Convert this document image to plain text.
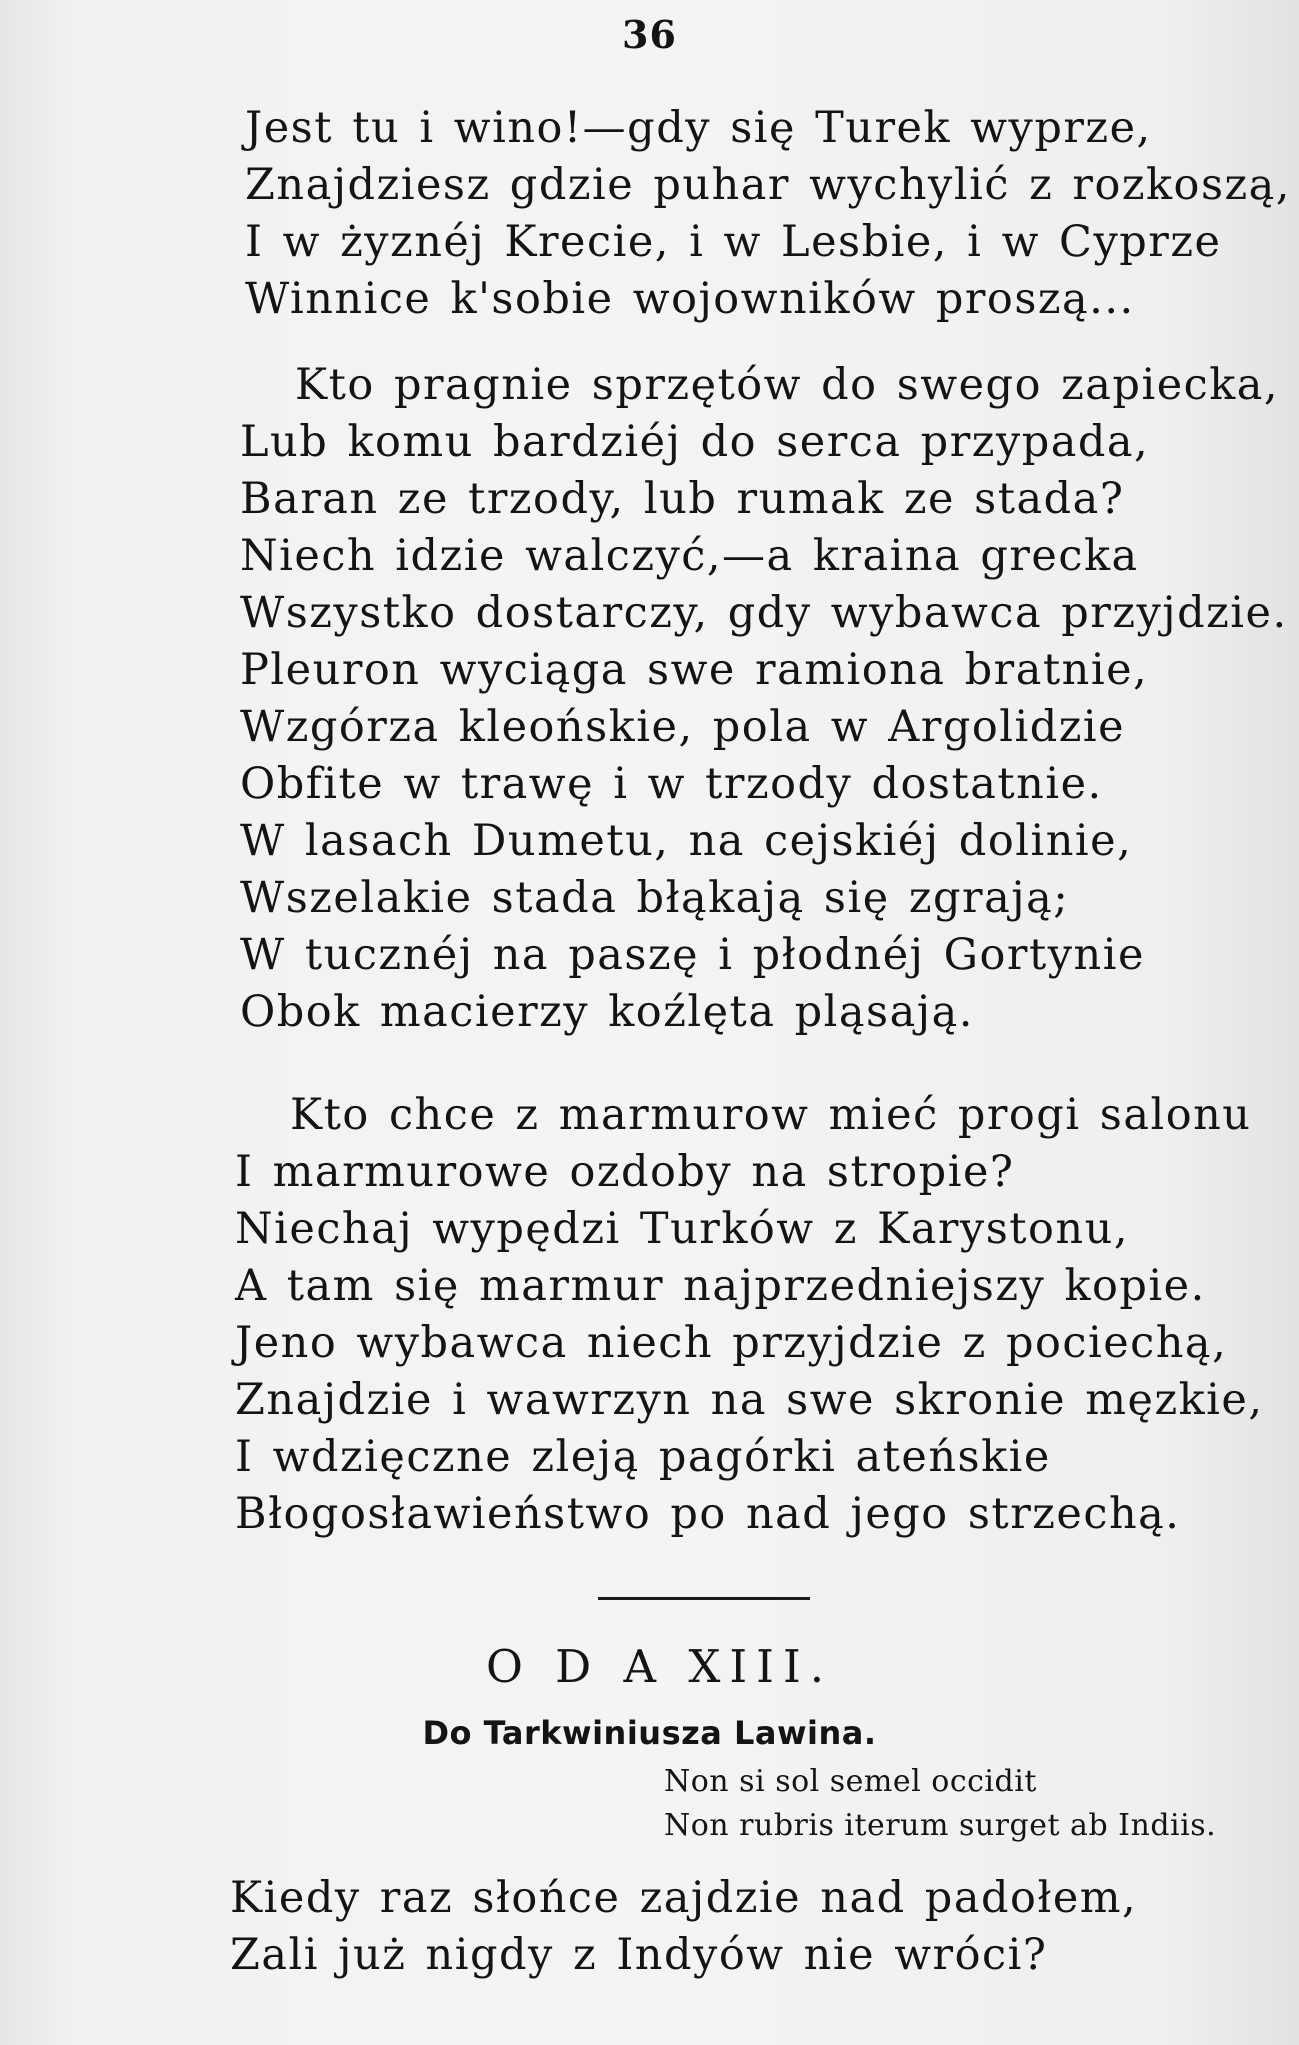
36
Jest tu i wino!—gdy się Turek wyprze,
Znajdziesz gdzie puhar wychylić z rozkoszą,
I w żyznéj Krecie, i w Lesbie, i w Cyprze
Winnice k'sobie wojowników proszą...
Kto pragnie sprzętów do swego zapiecka,
Lub komu bardziéj do serca przypada,
Baran ze trzody, lub rumak ze stada?
Niech idzie walczyć,—a kraina grecka
Wszystko dostarczy, gdy wybawca przyjdzie.
Pleuron wyciąga swe ramiona bratnie,
Wzgórza kleońskie, pola w Argolidzie
Obfite w trawę i w trzody dostatnie.
W lasach Dumetu, na cejskiéj dolinie,
Wszelakie stada błąkają się zgrają;
W tucznéj na paszę i płodnéj Gortynie
Obok macierzy koźlęta pląsają.
Kto chce z marmurow mieć progi salonu
I marmurowe ozdoby na stropie?
Niechaj wypędzi Turków z Karystonu,
A tam się marmur najprzedniejszy kopie.
Jeno wybawca niech przyjdzie z pociechą,
Znajdzie i wawrzyn na swe skronie męzkie,
I wdzięczne zleją pagórki ateńskie
Błogosławieństwo po nad jego strzechą.
O D A XIII.
Do Tarkwiniusza Lawina.
Non si sol semel occidit
Non rubris iterum surget ab Indiis.
Kiedy raz słońce zajdzie nad padołem,
Zali już nigdy z Indyów nie wróci?
